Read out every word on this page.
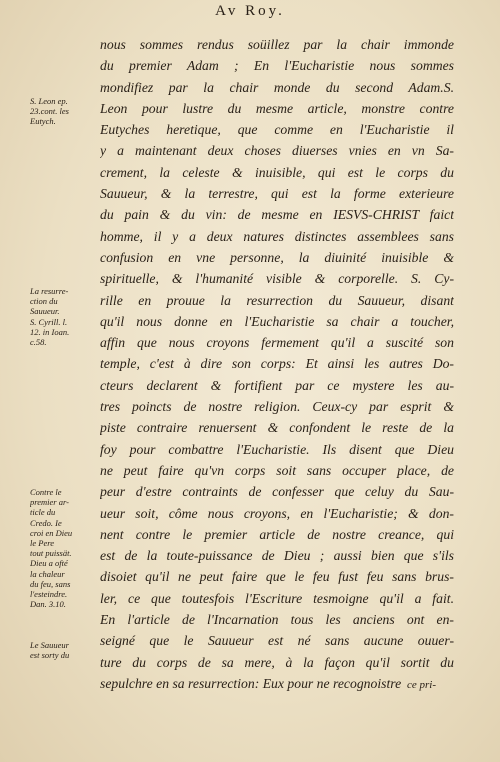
Av Roy.
nous sommes rendus soüillez par la chair immonde
du premier Adam ; En l'Eucharistie nous sommes
mondifiez par la chair monde du second Adam.S.
Leon pour lustre du mesme article, monstre contre
Eutyches heretique, que comme en l'Eucharistie il
y a maintenant deux choses diuerses vnies en vn Sa-
crement, la celeste & inuisible, qui est le corps du
Sauueur, & la terrestre, qui est la forme exterieure
du pain & du vin: de mesme en IESVS-CHRIST faict
homme, il y a deux natures distinctes assemblees sans
confusion en vne personne, la diuinité inuisible &
spirituelle, & l'humanité visible & corporelle. S. Cy-
rille en prouue la resurrection du Sauueur, disant
qu'il nous donne en l'Eucharistie sa chair a toucher,
affin que nous croyons fermement qu'il a suscité son
temple, c'est à dire son corps: Et ainsi les autres Do-
cteurs declarent & fortifient par ce mystere les au-
tres poincts de nostre religion. Ceux-cy par esprit &
piste contraire renuersent & confondent le reste de la
foy pour combattre l'Eucharistie. Ils disent que Dieu
ne peut faire qu'vn corps soit sans occuper place, de
peur d'estre contraints de confesser que celuy du Sau-
ueur soit, côme nous croyons, en l'Eucharistie; & don-
nent contre le premier article de nostre creance, qui
est de la toute-puissance de Dieu ; aussi bien que s'ils
disoiet qu'il ne peut faire que le feu fust feu sans brus-
ler, ce que toutesfois l'Escriture tesmoigne qu'il a fait.
En l'article de l'Incarnation tous les anciens ont en-
seigné que le Sauueur est né sans aucune ouuer-
ture du corps de sa mere, à la façon qu'il sortit du
sepulchre en sa resurrection: Eux pour ne recognoistre
S. Leon ep.
23.cont. les
Eutych.
La resurre-
ction du
Sauueur.
S. Cyrill. l.
12. in Ioan.
c.58.
Contre le
premier ar-
ticle du
Credo. Ie
croi en Dieu
le Pere
tout puissät.
Dieu a ofté
la chaleur
du feu, sans
l'esteindre.
Dan. 3.10.
Le Sauueur
est sorty du
ce pri-
